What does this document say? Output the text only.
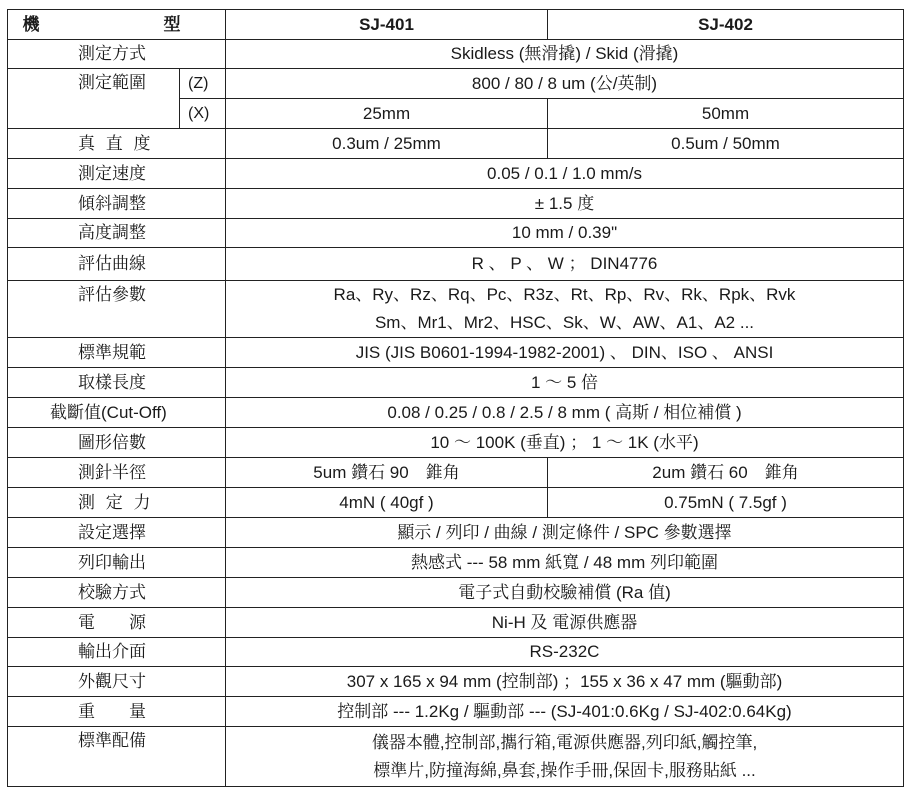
機　　型		SJ-401	SJ-402
測定方式		Skidless (無滑撬) / Skid (滑撬)	
測定範圍	(Z)	800 / 80 / 8 um (公/英制)	
	(X)	25mm	50mm
真 直 度		0.3um / 25mm	0.5um / 50mm
測定速度		0.05 / 0.1 / 1.0 mm/s	
傾斜調整		± 1.5 度	
高度調整		10 mm / 0.39"	
評估曲線		R 、 P 、 W ； DIN4776	
評估參數		Ra、Ry、Rz、Rq、Pc、R3z、Rt、Rp、Rv、Rk、Rpk、Rvk
Sm、Mr1、Mr2、HSC、Sk、W、AW、A1、A2 ...	

標準規範		JIS (JIS B0601-1994-1982-2001) 、 DIN、ISO 、 ANSI	
取樣長度		1 ～ 5 倍	
截斷值(Cut-Off)		0.08 / 0.25 / 0.8 / 2.5 / 8 mm ( 高斯 / 相位補償 )	
圖形倍數		10 ～ 100K (垂直) ； 1 ～ 1K (水平)	
測針半徑		5um 鑽石 90　錐角	2um 鑽石 60　錐角
測 定 力		4mN ( 40gf )	0.75mN ( 7.5gf )
設定選擇		顯示 / 列印 / 曲線 / 測定條件 / SPC 參數選擇	
列印輸出		熱感式 --- 58 mm 紙寬 / 48 mm 列印範圍	
校驗方式		電子式自動校驗補償 (Ra 值)	
電　　源		Ni-H 及 電源供應器	
輸出介面		RS-232C	
外觀尺寸		307 x 165 x 94 mm (控制部) ；155 x 36 x 47 mm (驅動部)	
重　　量		控制部 --- 1.2Kg / 驅動部 --- (SJ-401:0.6Kg / SJ-402:0.64Kg)	
標準配備		儀器本體,控制部,攜行箱,電源供應器,列印紙,觸控筆,
標準片,防撞海綿,鼻套,操作手冊,保固卡,服務貼紙 ...	
